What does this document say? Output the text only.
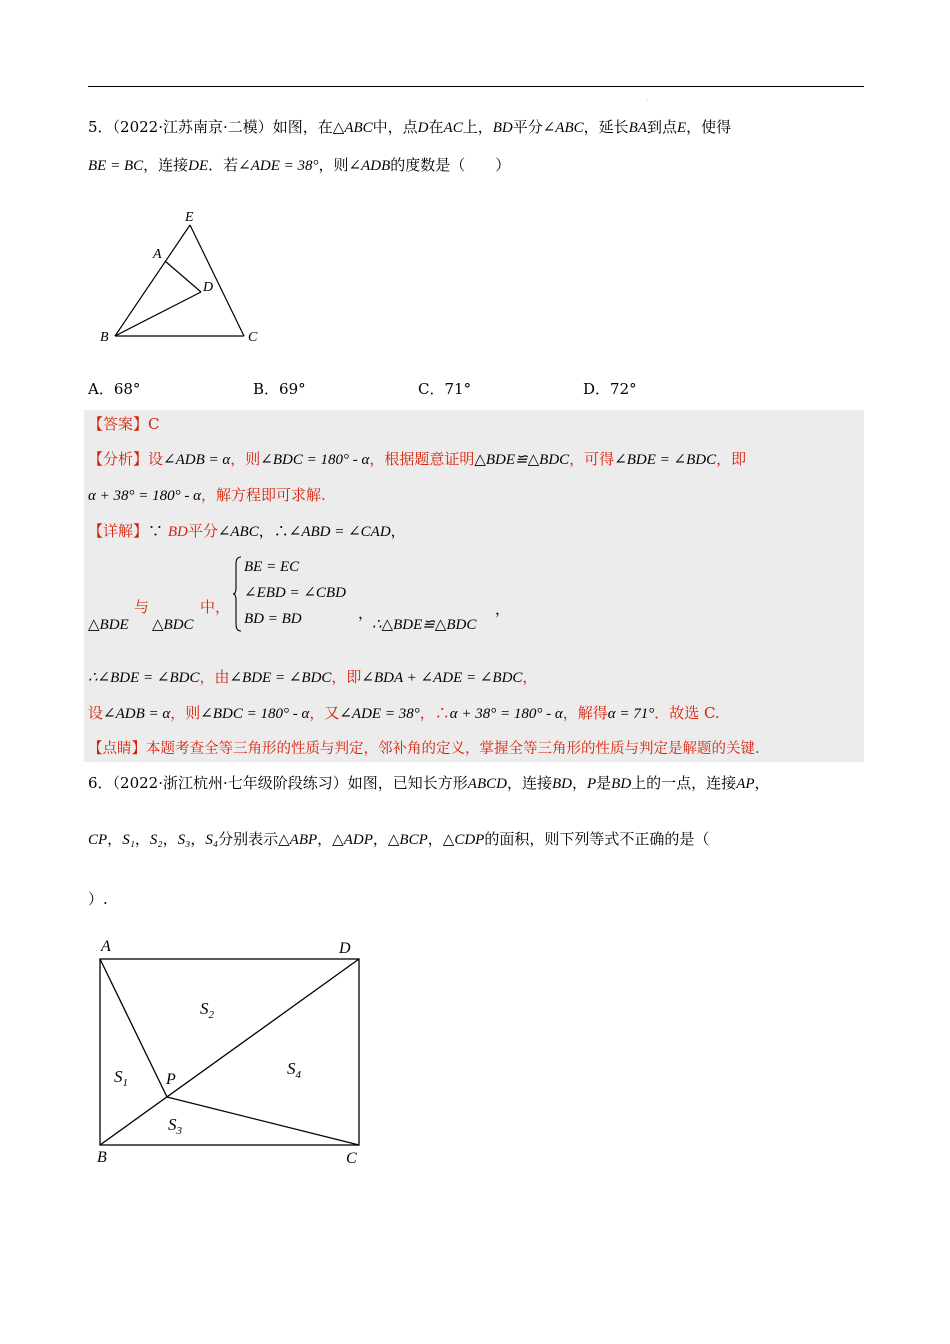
.
5．（2022·江苏南京·二模）如图，在△ABC中，点D在AC上，BD平分∠ABC，延长BA到点E，使得
BE = BC，连接DE．若∠ADE = 38°，则∠ADB的度数是（　　）
E
A
D
B	C
A．68°	B．69°	C．71°	D．72°
【答案】C
【分析】设∠ADB = α，则∠BDC = 180° - α，根据题意证明△BDE≌△BDC，可得∠BDE = ∠BDC，即
α + 38° = 180° - α，解方程即可求解.
【详解】∵ BD平分∠ABC，∴∠ABD = ∠CAD，
△BDE
与
△BDC
中，
BE = EC
∠EBD = ∠CBD
BD = BD	，
∴△BDE≌△BDC
，
∴∠BDE = ∠BDC，由∠BDE = ∠BDC，即∠BDA + ∠ADE = ∠BDC，
设∠ADB = α，则∠BDC = 180° - α，又∠ADE = 38°，∴α + 38° = 180° - α，解得α = 71°．故选 C.
【点睛】本题考查全等三角形的性质与判定，邻补角的定义，掌握全等三角形的性质与判定是解题的关键.
6．（2022·浙江杭州·七年级阶段练习）如图，已知长方形ABCD，连接BD，P是BD上的一点，连接AP，
CP，S₁，S₂，S₃，S₄分别表示△ABP，△ADP，△BCP，△CDP的面积，则下列等式不正确的是（
）.
A	D
B	C
P
$S_1$
$S_2$
$S_3$
$S_4$
